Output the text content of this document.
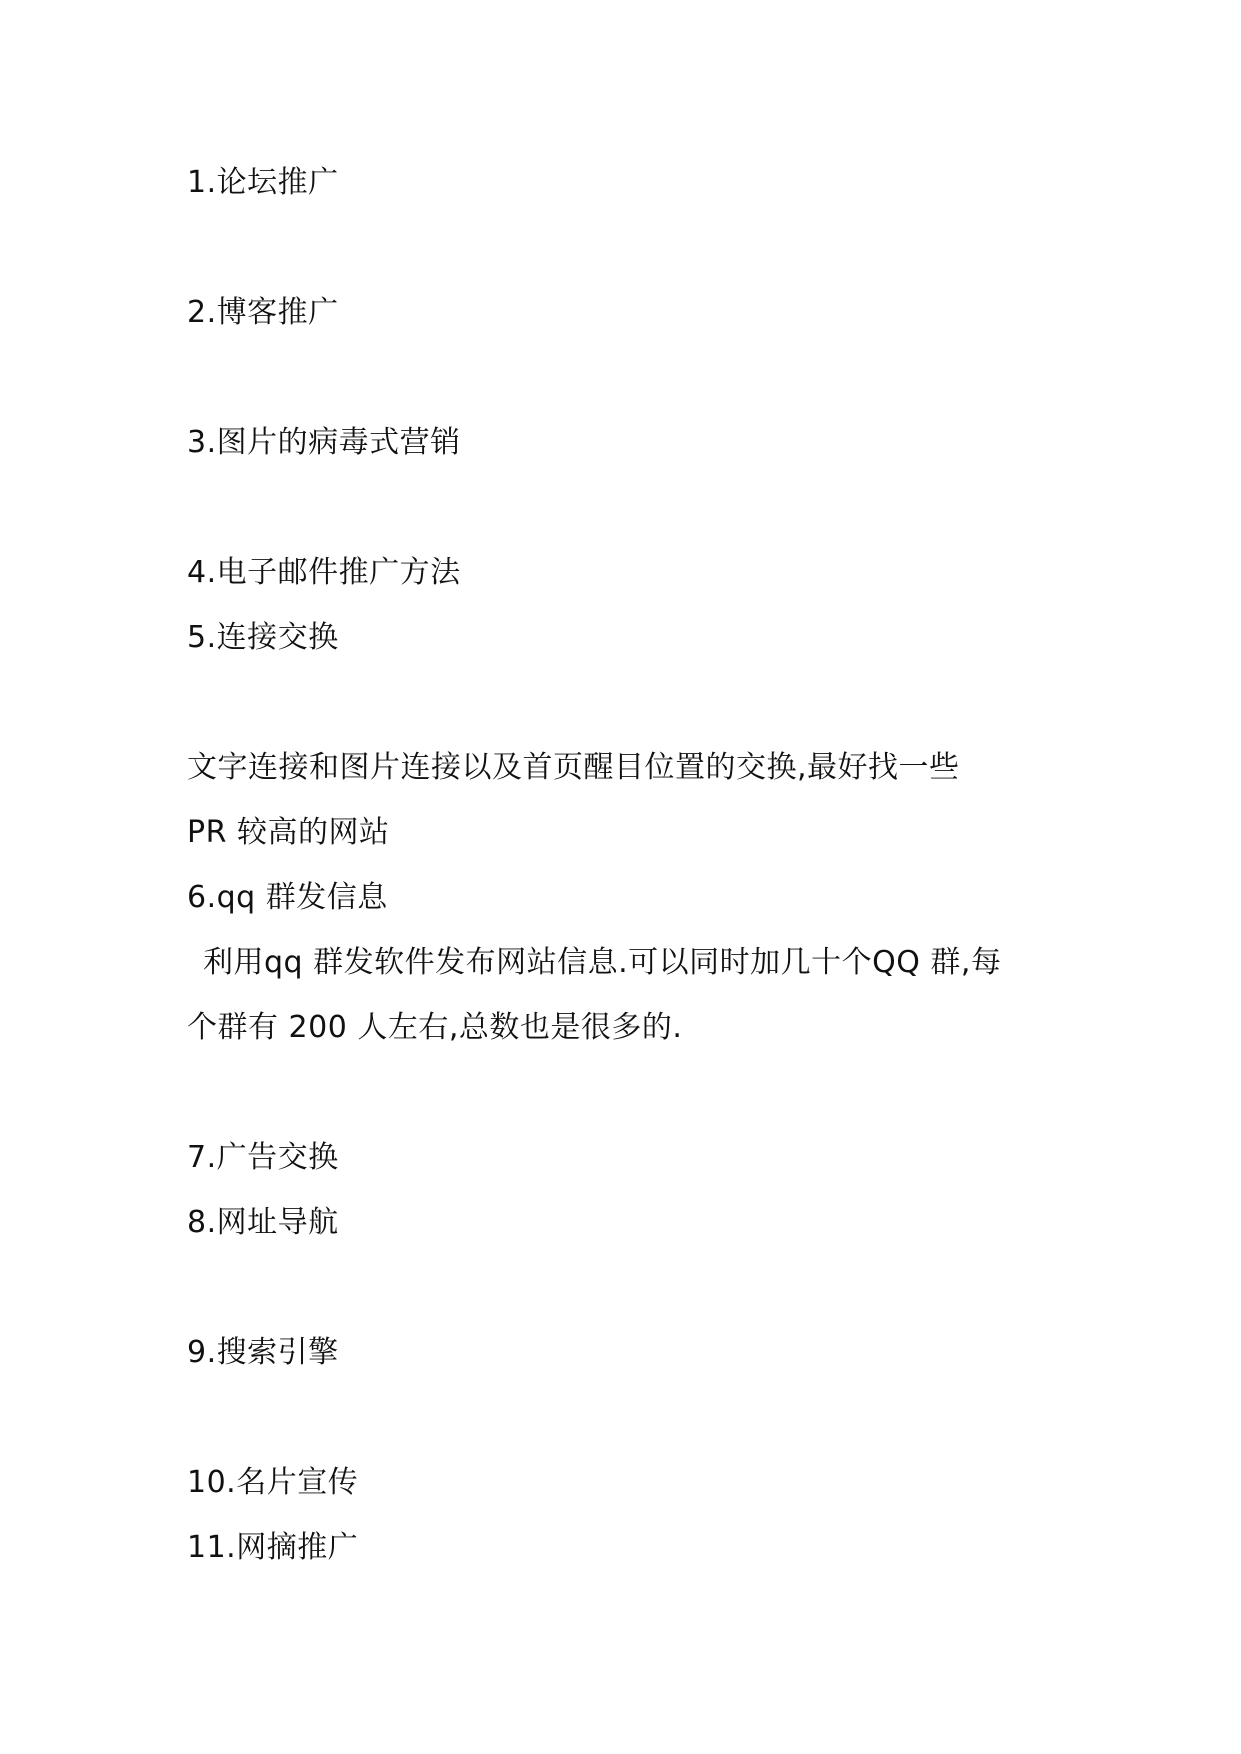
1.论坛推广
2.博客推广
3.图片的病毒式营销
4.电子邮件推广方法
5.连接交换
文字连接和图片连接以及首页醒目位置的交换,最好找一些
PR 较高的网站
6.qq 群发信息
利用qq 群发软件发布网站信息.可以同时加几十个QQ 群,每
个群有 200 人左右,总数也是很多的.
7.广告交换
8.网址导航
9.搜索引擎
10.名片宣传
11.网摘推广
